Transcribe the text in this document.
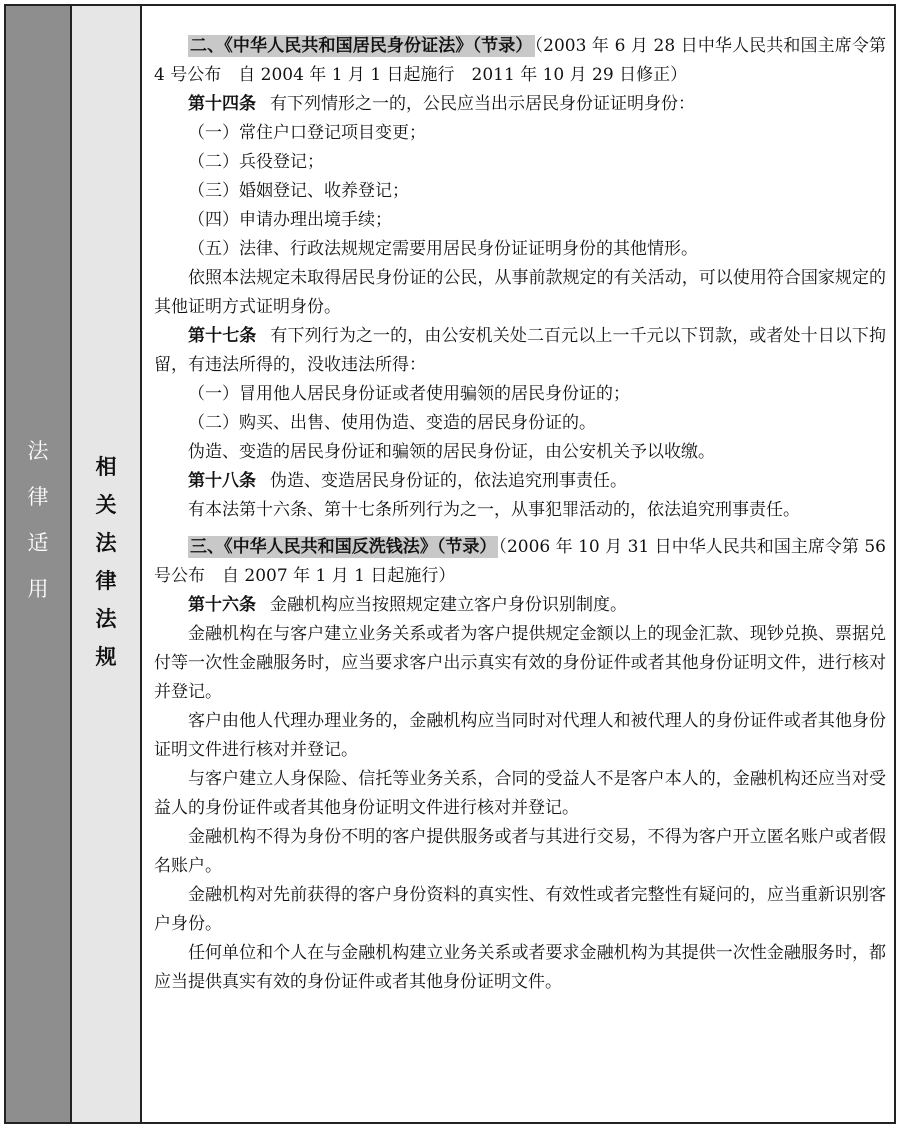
法
律
适
用
相
关
法
律
法
规

二、《中华人民共和国居民身份证法》（节录） （2003 年 6 月 28 日中华人民共和国主席令第 4 号公布　自 2004 年 1 月 1 日起施行　2011 年 10 月 29 日修正）

第十四条 有下列情形之一的，公民应当出示居民身份证证明身份：

（一）常住户口登记项目变更；

（二）兵役登记；

（三）婚姻登记、收养登记；

（四）申请办理出境手续；

（五）法律、行政法规规定需要用居民身份证证明身份的其他情形。

依照本法规定未取得居民身份证的公民，从事前款规定的有关活动，可以使用符合国家规定的其他证明方式证明身份。

第十七条 有下列行为之一的，由公安机关处二百元以上一千元以下罚款，或者处十日以下拘留，有违法所得的，没收违法所得：

（一）冒用他人居民身份证或者使用骗领的居民身份证的；

（二）购买、出售、使用伪造、变造的居民身份证的。

伪造、变造的居民身份证和骗领的居民身份证，由公安机关予以收缴。

第十八条 伪造、变造居民身份证的，依法追究刑事责任。

有本法第十六条、第十七条所列行为之一，从事犯罪活动的，依法追究刑事责任。

三、《中华人民共和国反洗钱法》（节录） （2006 年 10 月 31 日中华人民共和国主席令第 56 号公布　自 2007 年 1 月 1 日起施行）

第十六条 金融机构应当按照规定建立客户身份识别制度。

金融机构在与客户建立业务关系或者为客户提供规定金额以上的现金汇款、现钞兑换、票据兑付等一次性金融服务时，应当要求客户出示真实有效的身份证件或者其他身份证明文件，进行核对并登记。

客户由他人代理办理业务的，金融机构应当同时对代理人和被代理人的身份证件或者其他身份证明文件进行核对并登记。

与客户建立人身保险、信托等业务关系，合同的受益人不是客户本人的，金融机构还应当对受益人的身份证件或者其他身份证明文件进行核对并登记。

金融机构不得为身份不明的客户提供服务或者与其进行交易，不得为客户开立匿名账户或者假名账户。

金融机构对先前获得的客户身份资料的真实性、有效性或者完整性有疑问的，应当重新识别客户身份。

任何单位和个人在与金融机构建立业务关系或者要求金融机构为其提供一次性金融服务时，都应当提供真实有效的身份证件或者其他身份证明文件。
